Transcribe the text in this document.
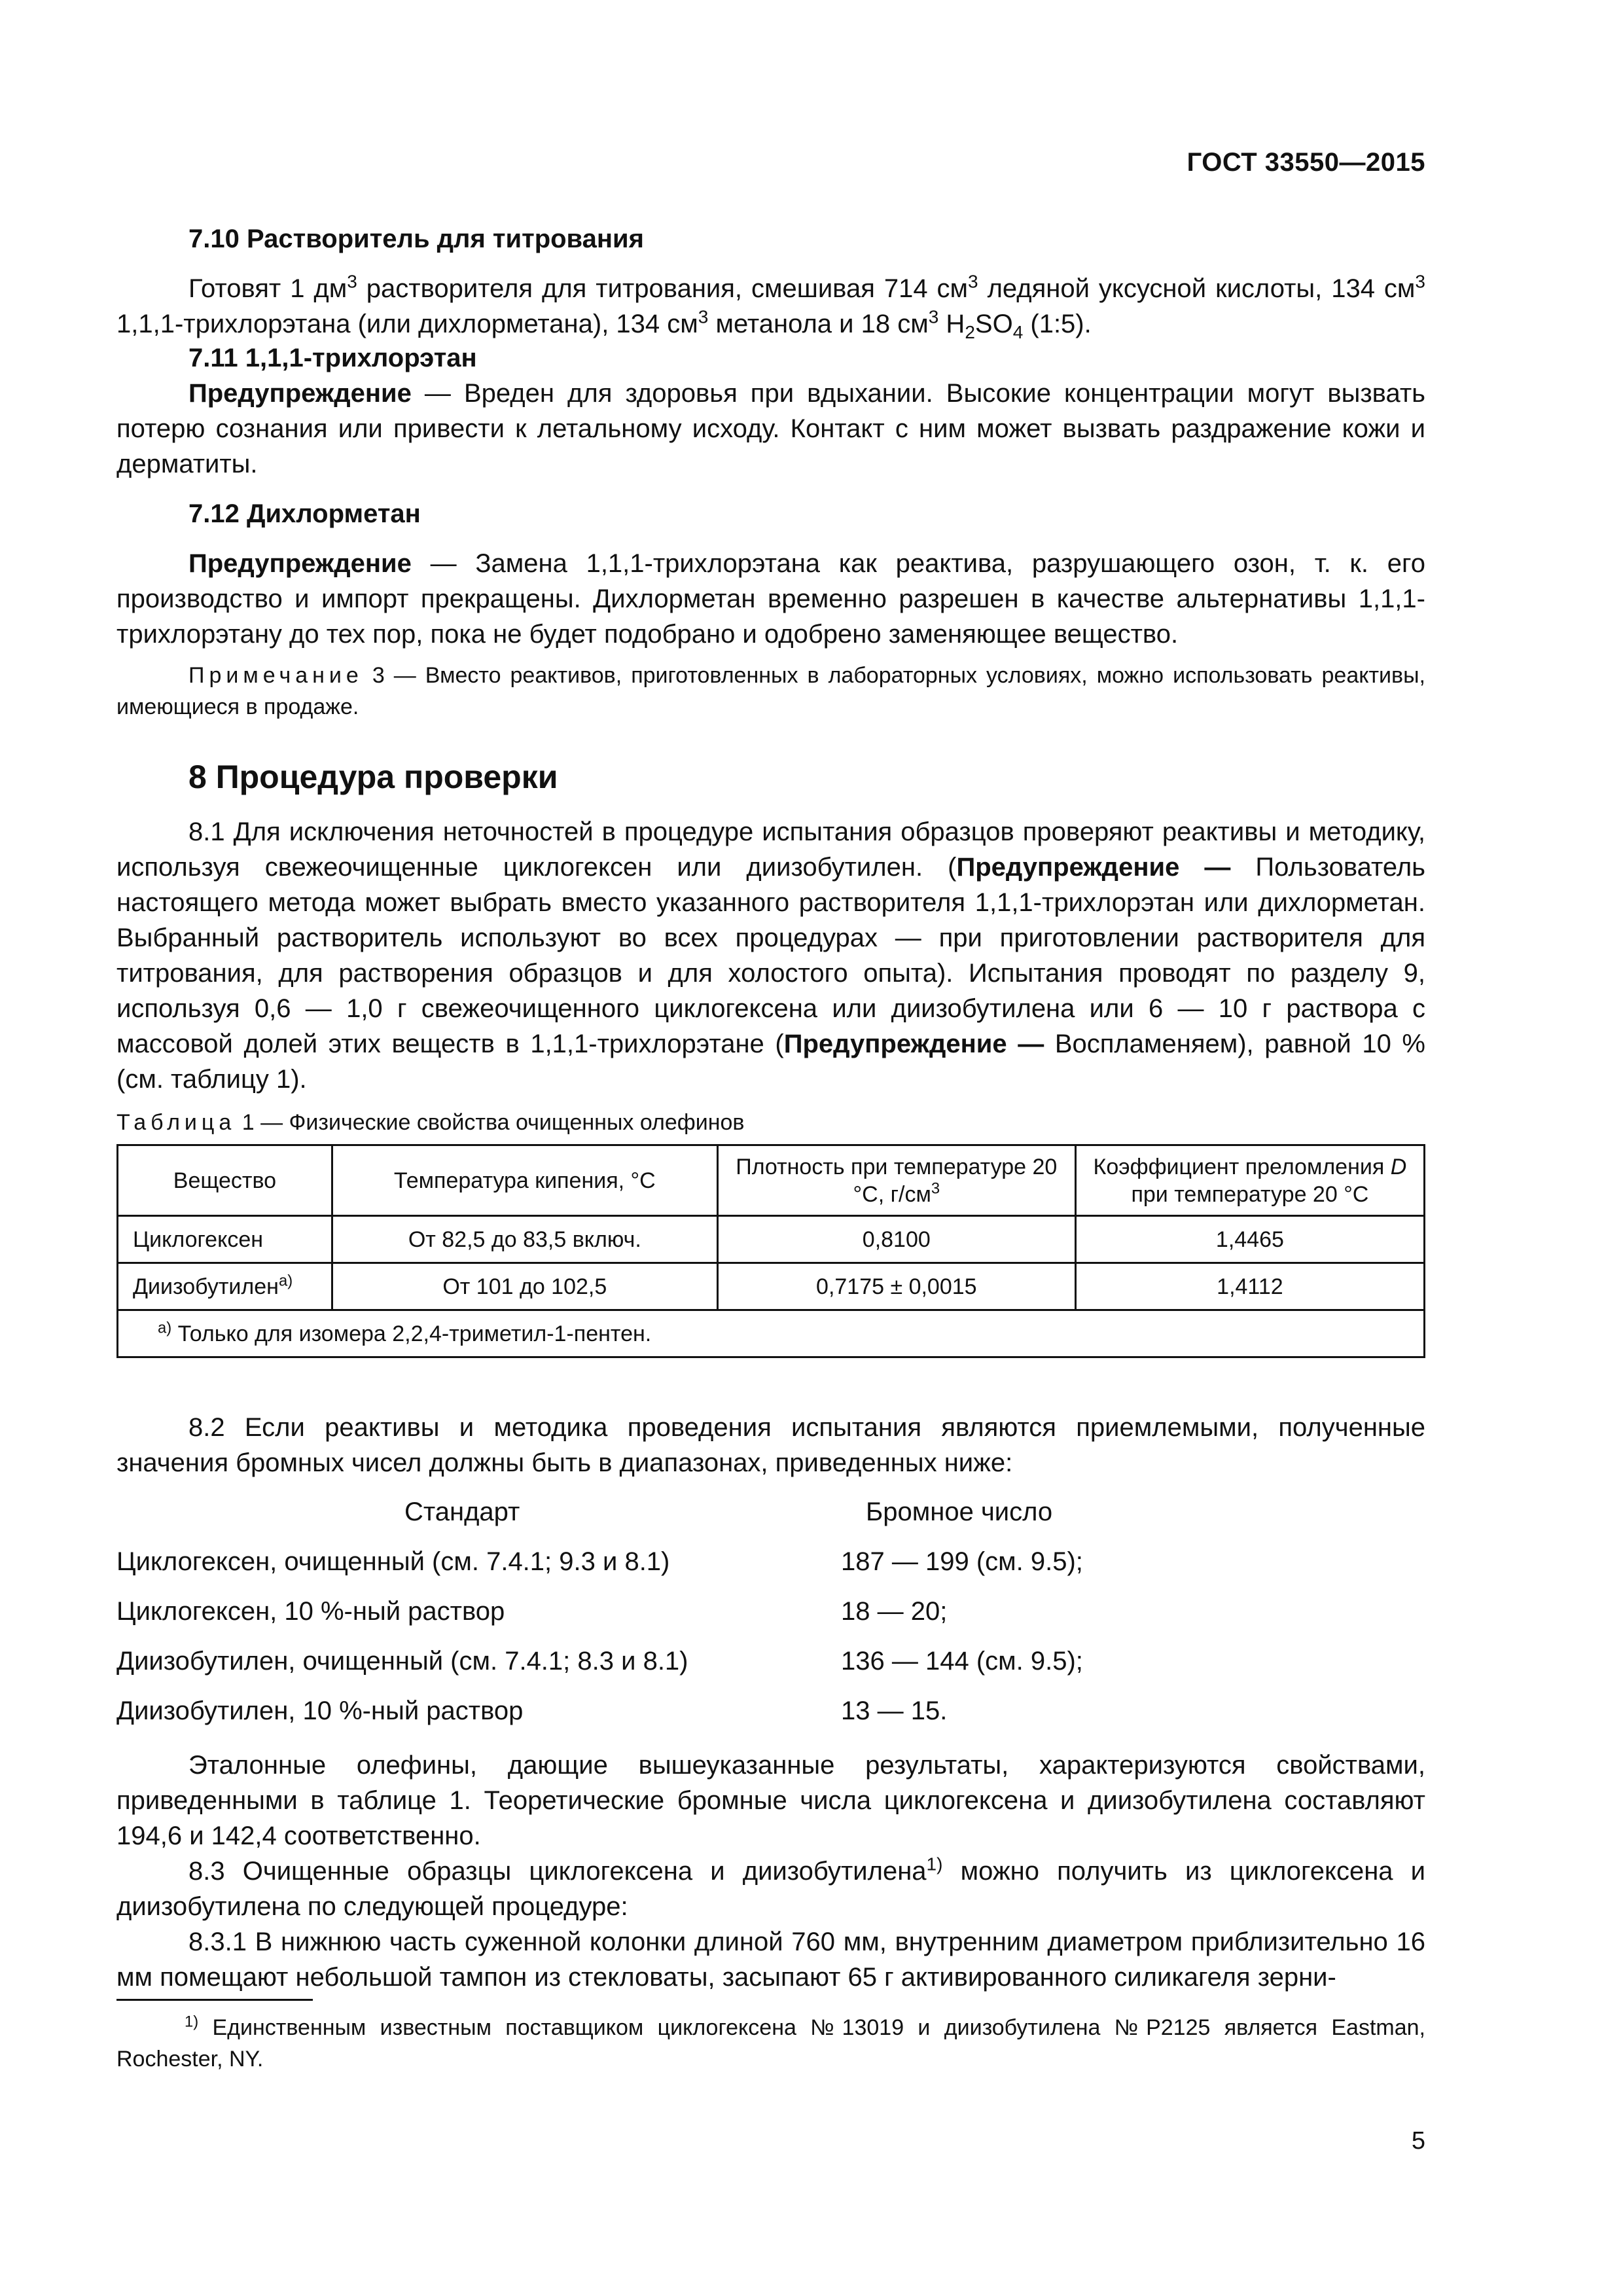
ГОСТ 33550—2015

7.10 Растворитель для титрования

Готовят 1 $дм^3$ растворителя для титрования, смешивая 714 $см^3$ ледяной уксусной кислоты, 134 $см^3$ 1,1,1-трихлорэтана (или дихлорметана), 134 $см^3$ метанола и 18 $см^3$ $H_2SO_4$ (1:5).

7.11 1,1,1-трихлорэтан

Предупреждение — Вреден для здоровья при вдыхании. Высокие концентрации могут вызвать потерю сознания или привести к летальному исходу. Контакт с ним может вызвать раздражение кожи и дерматиты.

7.12 Дихлорметан

Предупреждение — Замена 1,1,1-трихлорэтана как реактива, разрушающего озон, т. к. его производство и импорт прекращены. Дихлорметан временно разрешен в качестве альтернативы 1,1,1-трихлорэтану до тех пор, пока не будет подобрано и одобрено заменяющее вещество.

Примечание 3 — Вместо реактивов, приготовленных в лабораторных условиях, можно использовать реактивы, имеющиеся в продаже.

8 Процедура проверки

8.1 Для исключения неточностей в процедуре испытания образцов проверяют реактивы и методику, используя свежеочищенные циклогексен или диизобутилен. (Предупреждение — Пользователь настоящего метода может выбрать вместо указанного растворителя 1,1,1-трихлорэтан или дихлорметан. Выбранный растворитель используют во всех процедурах — при приготовлении растворителя для титрования, для растворения образцов и для холостого опыта). Испытания проводят по разделу 9, используя 0,6 — 1,0 г свежеочищенного циклогексена или диизобутилена или 6 — 10 г раствора с массовой долей этих веществ в 1,1,1-трихлорэтане (Предупреждение — Воспламеняем), равной 10 % (см. таблицу 1).

Таблица 1 — Физические свойства очищенных олефинов

Вещество	Температура кипения, °С	Плотность при температуре 20 °С, $г/см^3$	Коэффициент преломления D
при температуре 20 °С
Циклогексен	От 82,5 до 83,5 включ.	0,8100	1,4465
Диизобутилен$^{а)}$	От 101 до 102,5	0,7175 ± 0,0015	1,4112
$^{а)}$ Только для изомера 2,2,4-триметил-1-пентен.			

8.2 Если реактивы и методика проведения испытания являются приемлемыми, полученные значения бромных чисел должны быть в диапазонах, приведенных ниже:

Стандарт	Бромное число
Циклогексен, очищенный (см. 7.4.1; 9.3 и 8.1)	187 — 199 (см. 9.5);
Циклогексен, 10 %-ный раствор	18 — 20;
Диизобутилен, очищенный (см. 7.4.1; 8.3 и 8.1)	136 — 144 (см. 9.5);
Диизобутилен, 10 %-ный раствор	13 — 15.

Эталонные олефины, дающие вышеуказанные результаты, характеризуются свойствами, приведенными в таблице 1. Теоретические бромные числа циклогексена и диизобутилена составляют 194,6 и 142,4 соответственно.

8.3 Очищенные образцы циклогексена и диизобутилена$^{1)}$ можно получить из циклогексена и диизобутилена по следующей процедуре:

8.3.1 В нижнюю часть суженной колонки длиной 760 мм, внутренним диаметром приблизительно 16 мм помещают небольшой тампон из стекловаты, засыпают 65 г активированного силикагеля зерни-

$^{1)}$ Единственным известным поставщиком циклогексена №13019 и диизобутилена №Р2125 является Eastman, Rochester, NY.

5
